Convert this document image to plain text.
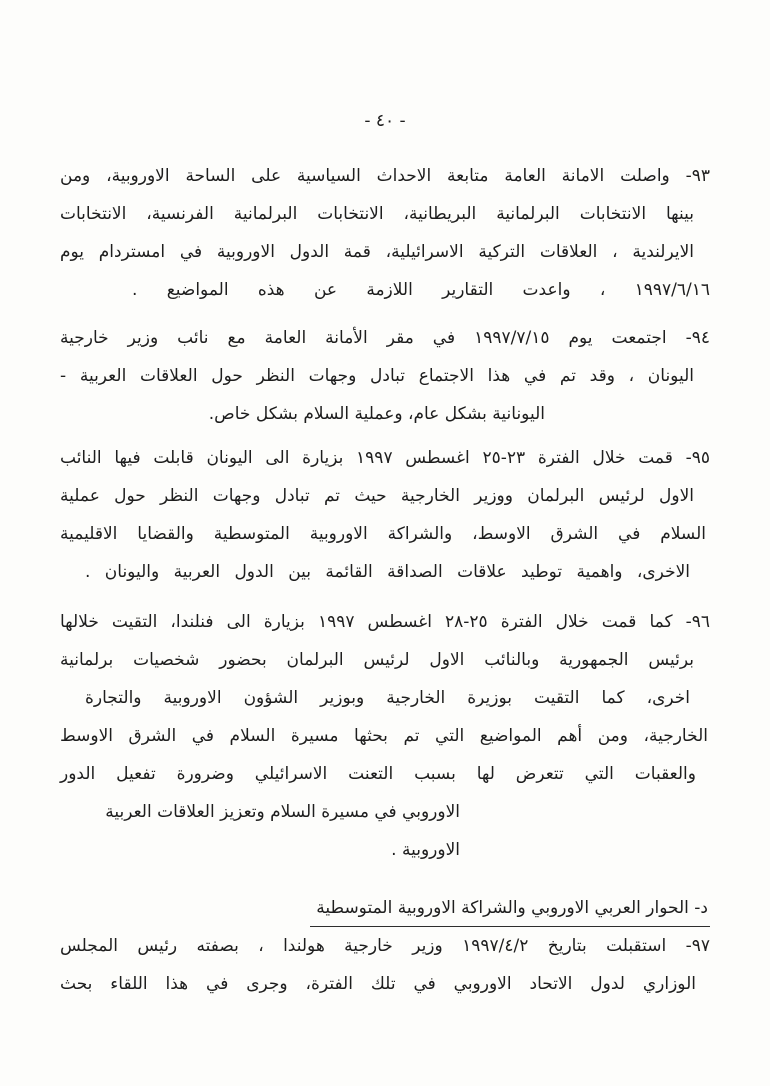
- ٤٠ -
٩٣- واصلت الامانة العامة متابعة الاحداث السياسية على الساحة الاوروبية، ومن
بينها الانتخابات البرلمانية البريطانية، الانتخابات البرلمانية الفرنسية، الانتخابات
الايرلندية ، العلاقات التركية الاسرائيلية، قمة الدول الاوروبية في امستردام يوم
١٩٩٧/٦/١٦ ، واعدت التقارير اللازمة عن هذه المواضيع .
٩٤- اجتمعت يوم ١٩٩٧/٧/١٥ في مقر الأمانة العامة مع نائب وزير خارجية
اليونان ، وقد تم في هذا الاجتماع تبادل وجهات النظر حول العلاقات العربية -
اليونانية بشكل عام، وعملية السلام بشكل خاص.
٩٥- قمت خلال الفترة ٢٣-٢٥ اغسطس ١٩٩٧ بزيارة الى اليونان قابلت فيها النائب
الاول لرئيس البرلمان ووزير الخارجية حيث تم تبادل وجهات النظر حول عملية
السلام في الشرق الاوسط، والشراكة الاوروبية المتوسطية والقضايا الاقليمية
الاخرى، واهمية توطيد علاقات الصداقة القائمة بين الدول العربية واليونان .
٩٦- كما قمت خلال الفترة ٢٥-٢٨ اغسطس ١٩٩٧ بزيارة الى فنلندا، التقيت خلالها
برئيس الجمهورية وبالنائب الاول لرئيس البرلمان بحضور شخصيات برلمانية
اخرى، كما التقيت بوزيرة الخارجية وبوزير الشؤون الاوروبية والتجارة
الخارجية، ومن أهم المواضيع التي تم بحثها مسيرة السلام في الشرق الاوسط
والعقبات التي تتعرض لها بسبب التعنت الاسرائيلي وضرورة تفعيل الدور
الاوروبي في مسيرة السلام وتعزيز العلاقات العربية الاوروبية .
د- الحوار العربي الاوروبي والشراكة الاوروبية المتوسطية
٩٧- استقبلت بتاريخ ١٩٩٧/٤/٢ وزير خارجية هولندا ، بصفته رئيس المجلس
الوزاري لدول الاتحاد الاوروبي في تلك الفترة، وجرى في هذا اللقاء بحث
